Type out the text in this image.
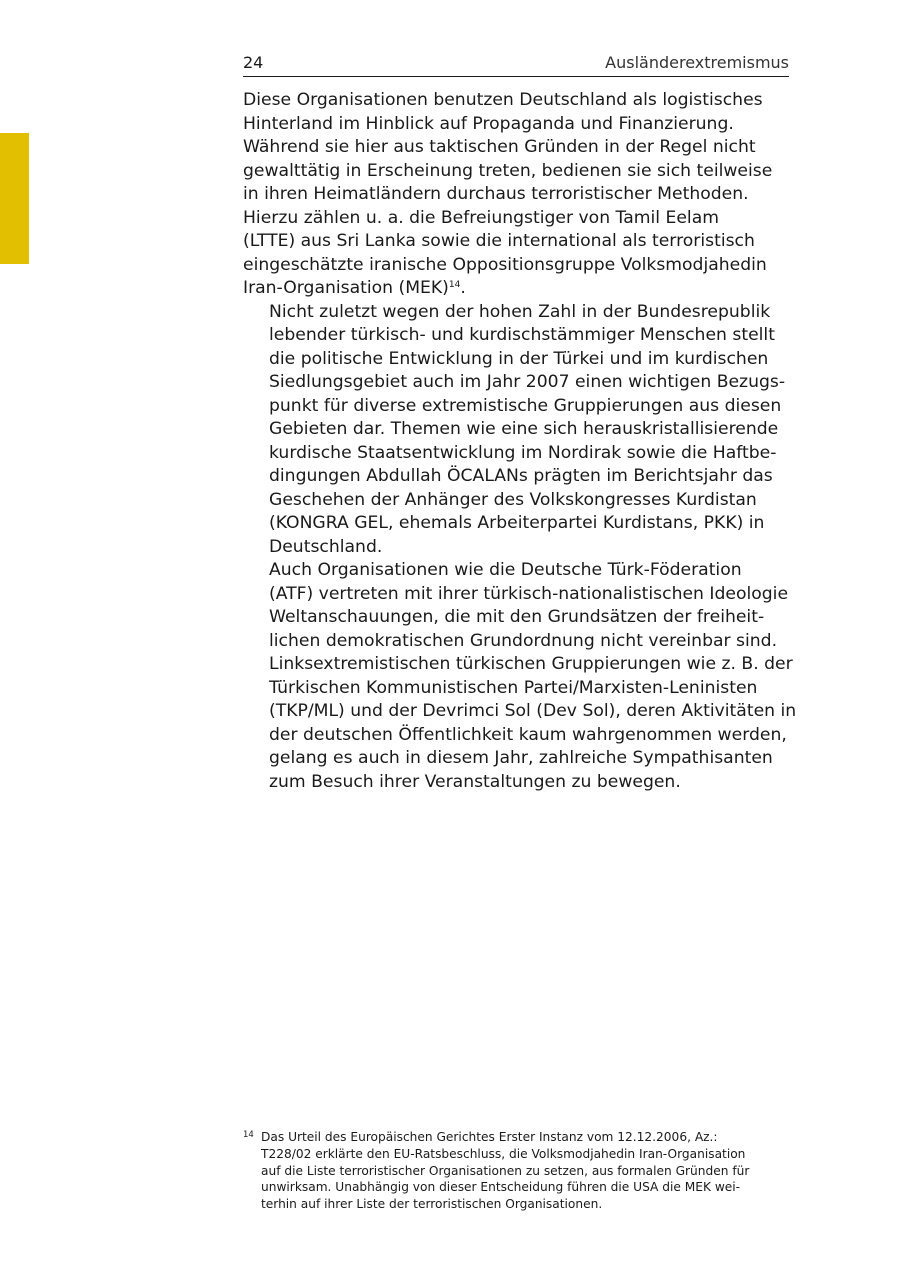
24	Ausländerextremismus

Diese Organisationen benutzen Deutschland als logistisches
Hinterland im Hinblick auf Propaganda und Finanzierung.
Während sie hier aus taktischen Gründen in der Regel nicht
gewalttätig in Erscheinung treten, bedienen sie sich teilweise
in ihren Heimatländern durchaus terroristischer Methoden.
Hierzu zählen u. a. die Befreiungstiger von Tamil Eelam
(LTTE) aus Sri Lanka sowie die international als terroristisch
eingeschätzte iranische Oppositionsgruppe Volksmodjahedin
Iran-Organisation (MEK)$^{14}$.

Nicht zuletzt wegen der hohen Zahl in der Bundesrepublik
lebender türkisch- und kurdischstämmiger Menschen stellt
die politische Entwicklung in der Türkei und im kurdischen
Siedlungsgebiet auch im Jahr 2007 einen wichtigen Bezugs-
punkt für diverse extremistische Gruppierungen aus diesen
Gebieten dar. Themen wie eine sich herauskristallisierende
kurdische Staatsentwicklung im Nordirak sowie die Haftbe-
dingungen Abdullah ÖCALANs prägten im Berichtsjahr das
Geschehen der Anhänger des Volkskongresses Kurdistan
(KONGRA GEL, ehemals Arbeiterpartei Kurdistans, PKK) in
Deutschland.

Auch Organisationen wie die Deutsche Türk-Föderation
(ATF) vertreten mit ihrer türkisch-nationalistischen Ideologie
Weltanschauungen, die mit den Grundsätzen der freiheit-
lichen demokratischen Grundordnung nicht vereinbar sind.
Linksextremistischen türkischen Gruppierungen wie z. B. der
Türkischen Kommunistischen Partei/Marxisten-Leninisten
(TKP/ML) und der Devrimci Sol (Dev Sol), deren Aktivitäten in
der deutschen Öffentlichkeit kaum wahrgenommen werden,
gelang es auch in diesem Jahr, zahlreiche Sympathisanten
zum Besuch ihrer Veranstaltungen zu bewegen.

14 Das Urteil des Europäischen Gerichtes Erster Instanz vom 12.12.2006, Az.:
T228/02 erklärte den EU-Ratsbeschluss, die Volksmodjahedin Iran-Organisation
auf die Liste terroristischer Organisationen zu setzen, aus formalen Gründen für
unwirksam. Unabhängig von dieser Entscheidung führen die USA die MEK wei-
terhin auf ihrer Liste der terroristischen Organisationen.
